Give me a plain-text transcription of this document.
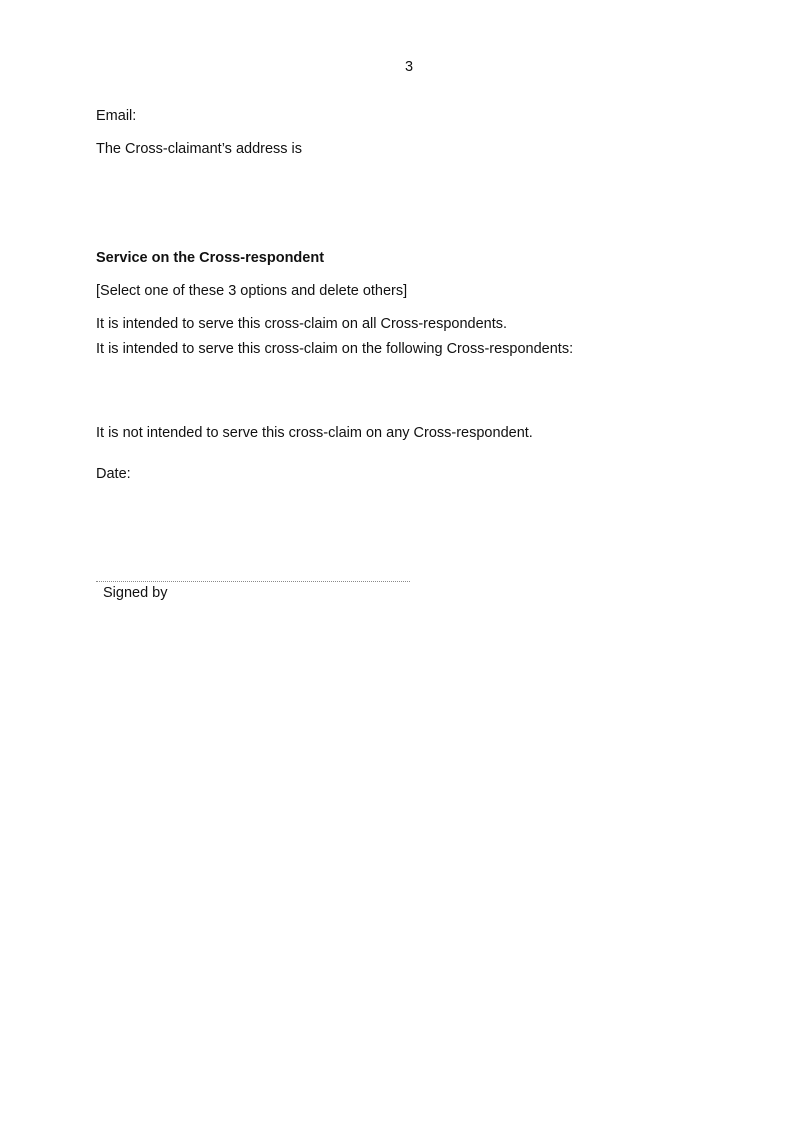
3
Email:
The Cross-claimant’s address is
Service on the Cross-respondent
[Select one of these 3 options and delete others]
It is intended to serve this cross-claim on all Cross-respondents.
It is intended to serve this cross-claim on the following Cross-respondents:
It is not intended to serve this cross-claim on any Cross-respondent.
Date:
Signed by
